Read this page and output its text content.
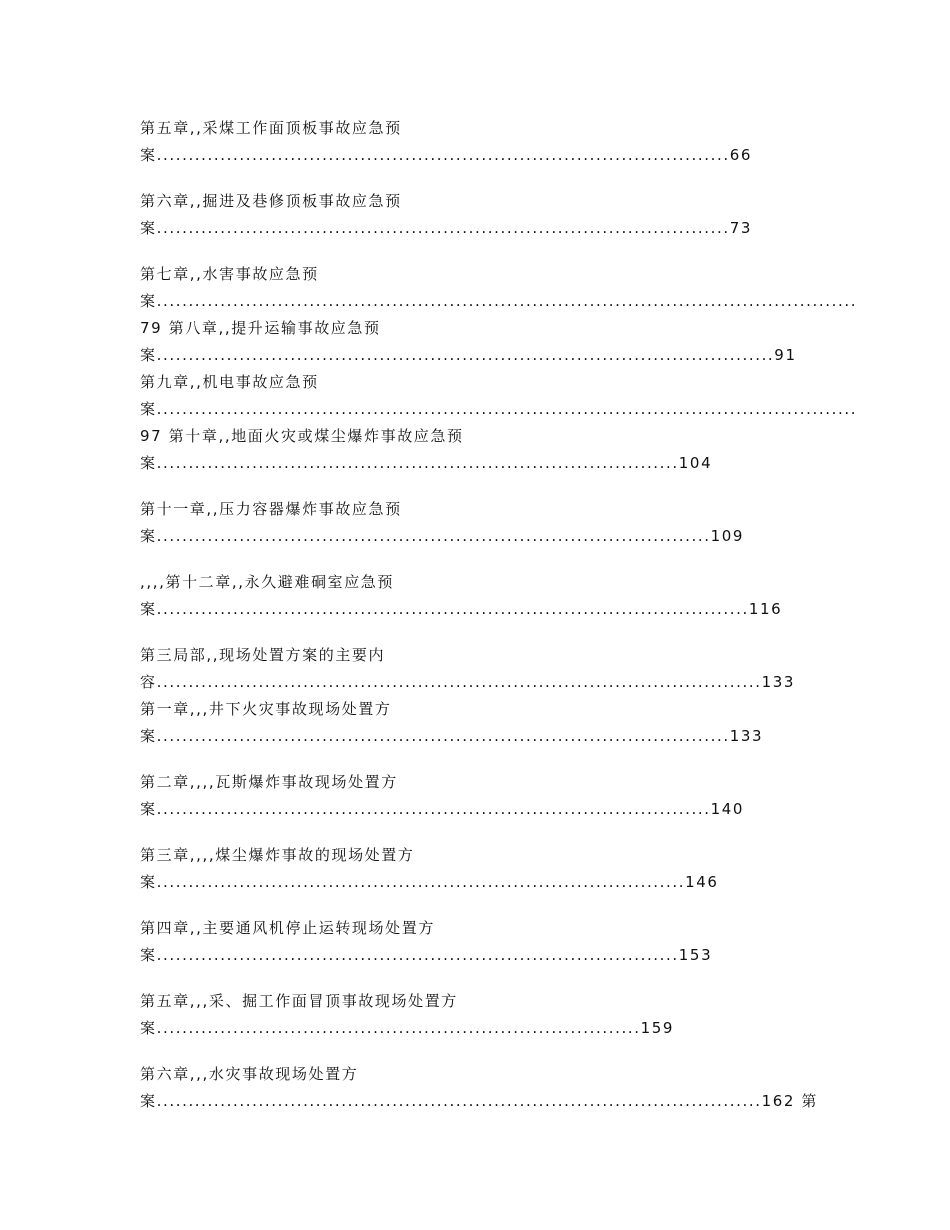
第五章,,采煤工作面顶板事故应急预

案..........................................................................................66

第六章,,掘进及巷修顶板事故应急预

案..........................................................................................73

第七章,,水害事故应急预

案..............................................................................................................

79 第八章,,提升运输事故应急预

案.................................................................................................91

第九章,,机电事故应急预

案..............................................................................................................

97 第十章,,地面火灾或煤尘爆炸事故应急预

案..................................................................................104

第十一章,,压力容器爆炸事故应急预

案.......................................................................................109

,,,,第十二章,,永久避难硐室应急预

案.............................................................................................116

第三局部,,现场处置方案的主要内

容...............................................................................................133

第一章,,,井下火灾事故现场处置方

案..........................................................................................133

第二章,,,,瓦斯爆炸事故现场处置方

案.......................................................................................140

第三章,,,,煤尘爆炸事故的现场处置方

案...................................................................................146

第四章,,主要通风机停止运转现场处置方

案..................................................................................153

第五章,,,采、掘工作面冒顶事故现场处置方

案............................................................................159

第六章,,,水灾事故现场处置方

案...............................................................................................162 第
